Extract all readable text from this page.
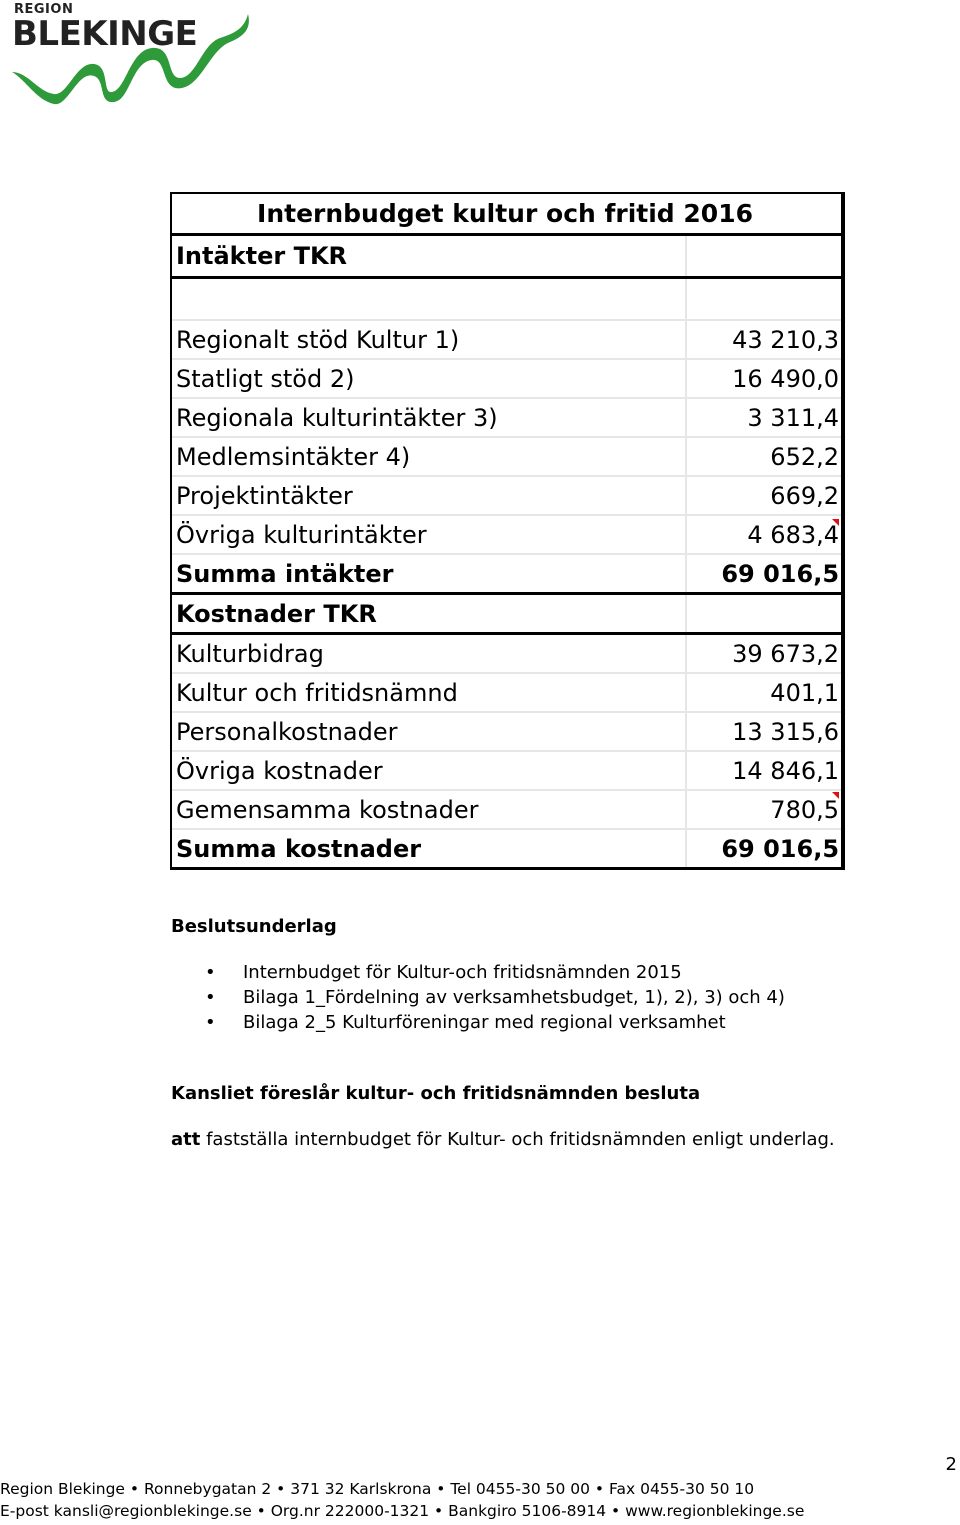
REGION
BLEKINGE
Internbudget kultur och fritid 2016	
Intäkter TKR	

Regionalt stöd Kultur 1)	43 210,3
Statligt stöd 2)	16 490,0
Regionala kulturintäkter 3)	3 311,4
Medlemsintäkter 4)	652,2
Projektintäkter	669,2
Övriga kulturintäkter	4 683,4
Summa intäkter	69 016,5
Kostnader TKR	
Kulturbidrag	39 673,2
Kultur och fritidsnämnd	401,1
Personalkostnader	13 315,6
Övriga kostnader	14 846,1
Gemensamma kostnader	780,5
Summa kostnader	69 016,5
Beslutsunderlag
• Internbudget för Kultur-och fritidsnämnden 2015
• Bilaga 1_Fördelning av verksamhetsbudget, 1), 2), 3) och 4)
• Bilaga 2_5 Kulturföreningar med regional verksamhet
Kansliet föreslår kultur- och fritidsnämnden besluta
att fastställa internbudget för Kultur- och fritidsnämnden enligt underlag.
2
Region Blekinge • Ronnebygatan 2 • 371 32 Karlskrona • Tel 0455-30 50 00 • Fax 0455-30 50 10
E-post kansli@regionblekinge.se • Org.nr 222000-1321 • Bankgiro 5106-8914 • www.regionblekinge.se
